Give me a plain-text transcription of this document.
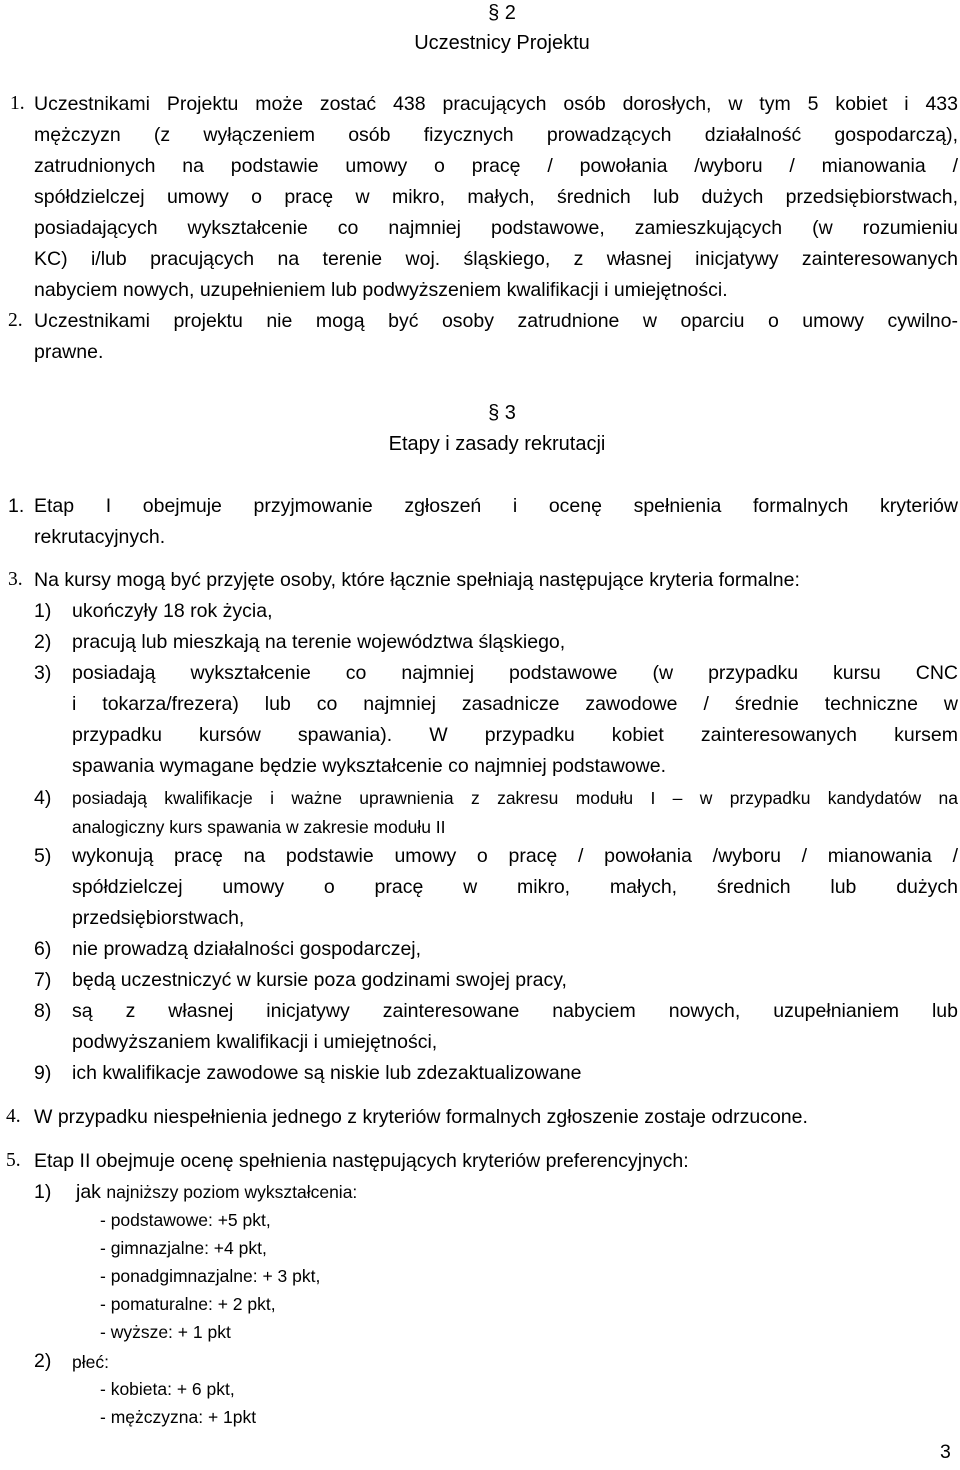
§ 2
Uczestnicy Projektu
1. Uczestnikami Projektu może zostać 438 pracujących osób dorosłych, w tym 5 kobiet i 433
mężczyzn (z wyłączeniem osób fizycznych prowadzących działalność gospodarczą),
zatrudnionych na podstawie umowy o pracę / powołania /wyboru / mianowania /
spółdzielczej umowy o pracę w mikro, małych, średnich lub dużych przedsiębiorstwach,
posiadających wykształcenie co najmniej podstawowe, zamieszkujących (w rozumieniu
KC) i/lub pracujących na terenie woj. śląskiego, z własnej inicjatywy zainteresowanych
nabyciem nowych, uzupełnieniem lub podwyższeniem kwalifikacji i umiejętności.
2. Uczestnikami projektu nie mogą być osoby zatrudnione w oparciu o umowy cywilno-
prawne.
§ 3
Etapy i zasady rekrutacji
1. Etap I obejmuje przyjmowanie zgłoszeń i ocenę spełnienia formalnych kryteriów
rekrutacyjnych.
3. Na kursy mogą być przyjęte osoby, które łącznie spełniają następujące kryteria formalne:
1) ukończyły 18 rok życia,
2) pracują lub mieszkają na terenie województwa śląskiego,
3) posiadają wykształcenie co najmniej podstawowe (w przypadku kursu CNC
i tokarza/frezera) lub co najmniej zasadnicze zawodowe / średnie techniczne w
przypadku kursów spawania). W przypadku kobiet zainteresowanych kursem
spawania wymagane będzie wykształcenie co najmniej podstawowe.
4) posiadają kwalifikacje i ważne uprawnienia z zakresu modułu I – w przypadku kandydatów na
analogiczny kurs spawania w zakresie modułu II
5) wykonują pracę na podstawie umowy o pracę / powołania /wyboru / mianowania /
spółdzielczej umowy o pracę w mikro, małych, średnich lub dużych
przedsiębiorstwach,
6) nie prowadzą działalności gospodarczej,
7) będą uczestniczyć w kursie poza godzinami swojej pracy,
8) są z własnej inicjatywy zainteresowane nabyciem nowych, uzupełnianiem lub
podwyższaniem kwalifikacji i umiejętności,
9) ich kwalifikacje zawodowe są niskie lub zdezaktualizowane
4. W przypadku niespełnienia jednego z kryteriów formalnych zgłoszenie zostaje odrzucone.
5. Etap II obejmuje ocenę spełnienia następujących kryteriów preferencyjnych:
1) jak najniższy poziom wykształcenia:
- podstawowe: +5 pkt,
- gimnazjalne: +4 pkt,
- ponadgimnazjalne: + 3 pkt,
- pomaturalne: + 2 pkt,
- wyższe: + 1 pkt
2) płeć:
- kobieta: + 6 pkt,
- mężczyzna: + 1pkt
3
